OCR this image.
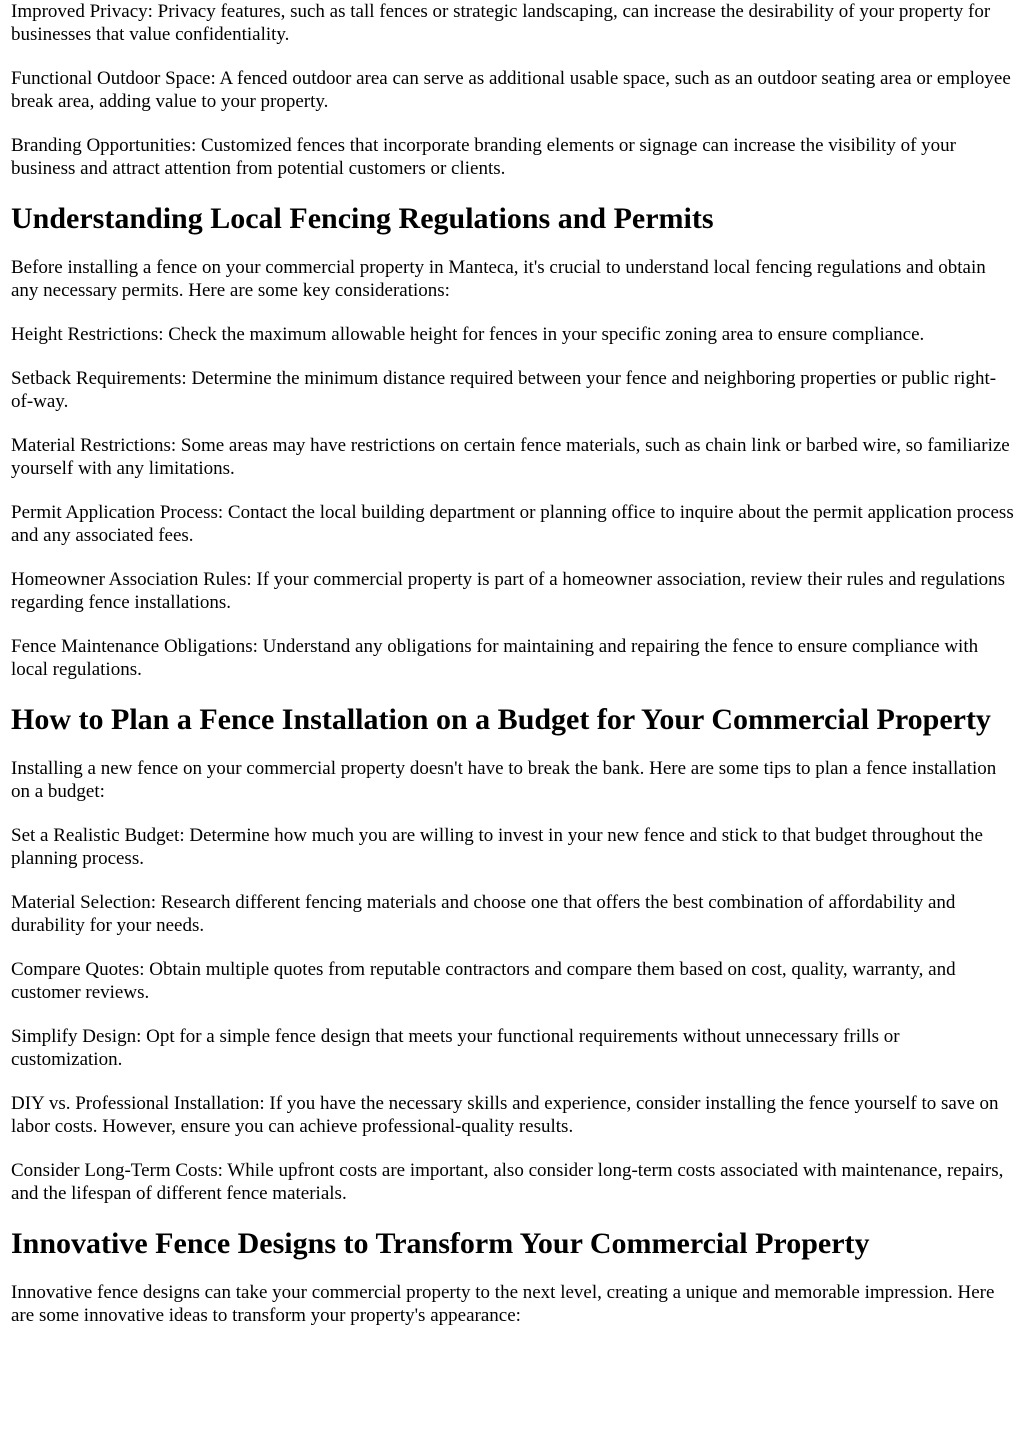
Improved Privacy: Privacy features, such as tall fences or strategic landscaping, can increase the desirability of your property for businesses that value confidentiality.

Functional Outdoor Space: A fenced outdoor area can serve as additional usable space, such as an outdoor seating area or employee break area, adding value to your property.

Branding Opportunities: Customized fences that incorporate branding elements or signage can increase the visibility of your business and attract attention from potential customers or clients.

Understanding Local Fencing Regulations and Permits

Before installing a fence on your commercial property in Manteca, it's crucial to understand local fencing regulations and obtain any necessary permits. Here are some key considerations:

Height Restrictions: Check the maximum allowable height for fences in your specific zoning area to ensure compliance.

Setback Requirements: Determine the minimum distance required between your fence and neighboring properties or public right-of-way.

Material Restrictions: Some areas may have restrictions on certain fence materials, such as chain link or barbed wire, so familiarize yourself with any limitations.

Permit Application Process: Contact the local building department or planning office to inquire about the permit application process and any associated fees.

Homeowner Association Rules: If your commercial property is part of a homeowner association, review their rules and regulations regarding fence installations.

Fence Maintenance Obligations: Understand any obligations for maintaining and repairing the fence to ensure compliance with local regulations.

How to Plan a Fence Installation on a Budget for Your Commercial Property

Installing a new fence on your commercial property doesn't have to break the bank. Here are some tips to plan a fence installation on a budget:

Set a Realistic Budget: Determine how much you are willing to invest in your new fence and stick to that budget throughout the planning process.

Material Selection: Research different fencing materials and choose one that offers the best combination of affordability and durability for your needs.

Compare Quotes: Obtain multiple quotes from reputable contractors and compare them based on cost, quality, warranty, and customer reviews.

Simplify Design: Opt for a simple fence design that meets your functional requirements without unnecessary frills or customization.

DIY vs. Professional Installation: If you have the necessary skills and experience, consider installing the fence yourself to save on labor costs. However, ensure you can achieve professional-quality results.

Consider Long-Term Costs: While upfront costs are important, also consider long-term costs associated with maintenance, repairs, and the lifespan of different fence materials.

Innovative Fence Designs to Transform Your Commercial Property

Innovative fence designs can take your commercial property to the next level, creating a unique and memorable impression. Here are some innovative ideas to transform your property's appearance:
